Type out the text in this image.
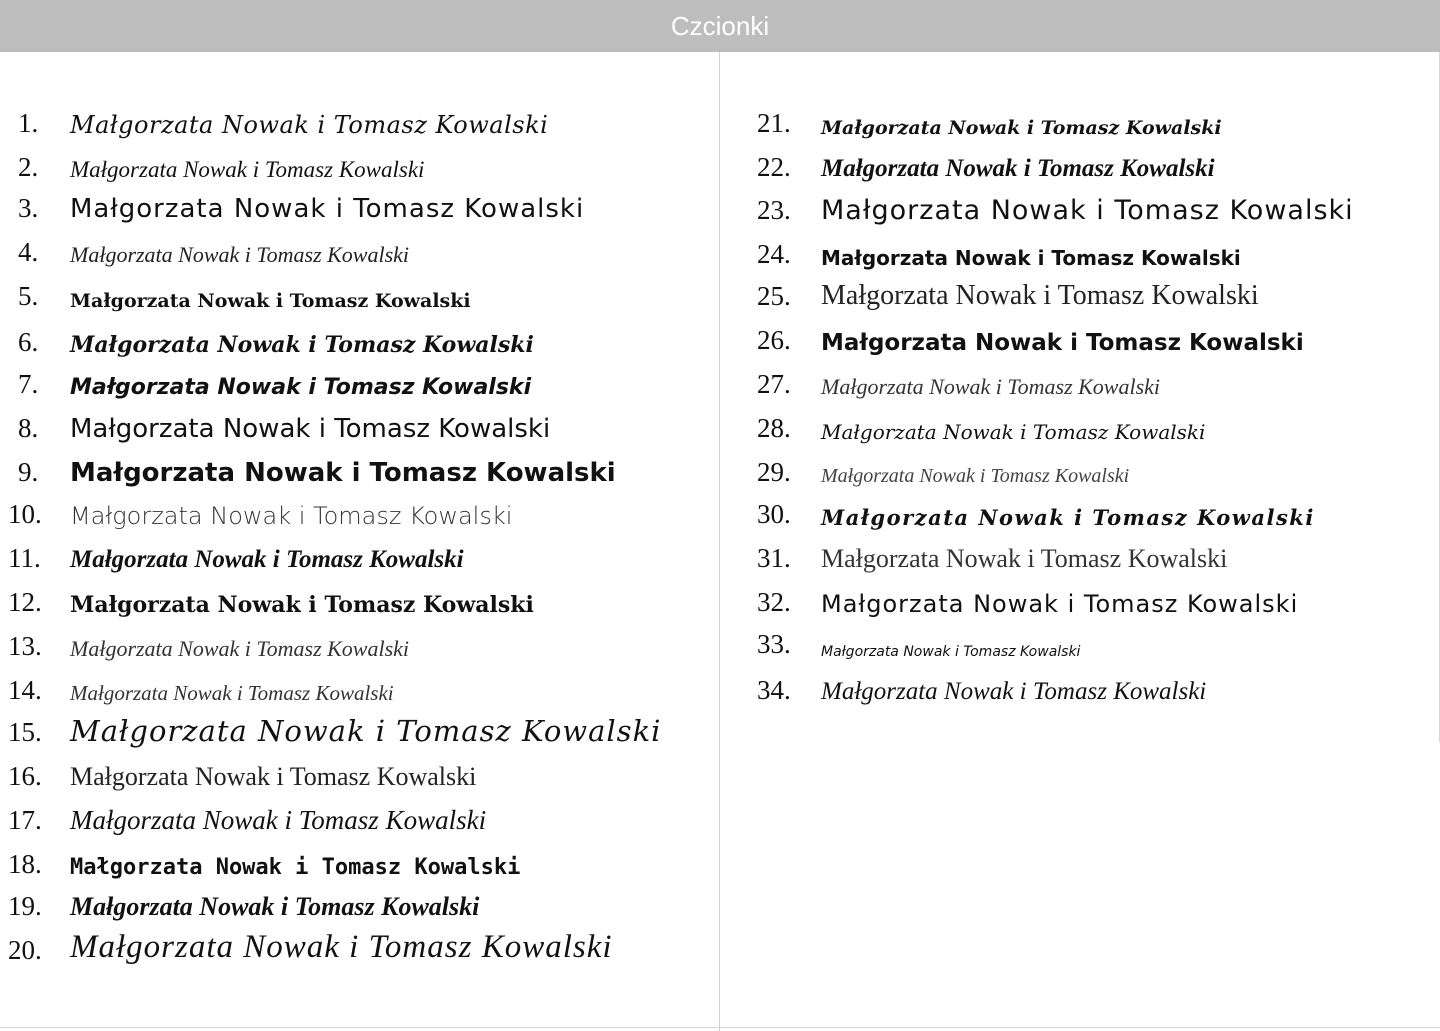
Czcionki
1. Małgorzata Nowak i Tomasz Kowalski
2. Małgorzata Nowak i Tomasz Kowalski
3. Małgorzata Nowak i Tomasz Kowalski
4. Małgorzata Nowak i Tomasz Kowalski
5. Małgorzata Nowak i Tomasz Kowalski
6. Małgorzata Nowak i Tomasz Kowalski
7. Małgorzata Nowak i Tomasz Kowalski
8. Małgorzata Nowak i Tomasz Kowalski
9. Małgorzata Nowak i Tomasz Kowalski
10. Małgorzata Nowak i Tomasz Kowalski
11. Małgorzata Nowak i Tomasz Kowalski
12. Małgorzata Nowak i Tomasz Kowalski
13. Małgorzata Nowak i Tomasz Kowalski
14. Małgorzata Nowak i Tomasz Kowalski
15. Małgorzata Nowak i Tomasz Kowalski
16. Małgorzata Nowak i Tomasz Kowalski
17. Małgorzata Nowak i Tomasz Kowalski
18. Małgorzata Nowak i Tomasz Kowalski
19. Małgorzata Nowak i Tomasz Kowalski
20. Małgorzata Nowak i Tomasz Kowalski
21. Małgorzata Nowak i Tomasz Kowalski
22. Małgorzata Nowak i Tomasz Kowalski
23. Małgorzata Nowak i Tomasz Kowalski
24. Małgorzata Nowak i Tomasz Kowalski
25. Małgorzata Nowak i Tomasz Kowalski
26. Małgorzata Nowak i Tomasz Kowalski
27. Małgorzata Nowak i Tomasz Kowalski
28. Małgorzata Nowak i Tomasz Kowalski
29. Małgorzata Nowak i Tomasz Kowalski
30. Małgorzata Nowak i Tomasz Kowalski
31. Małgorzata Nowak i Tomasz Kowalski
32. Małgorzata Nowak i Tomasz Kowalski
33. Małgorzata Nowak i Tomasz Kowalski
34. Małgorzata Nowak i Tomasz Kowalski
